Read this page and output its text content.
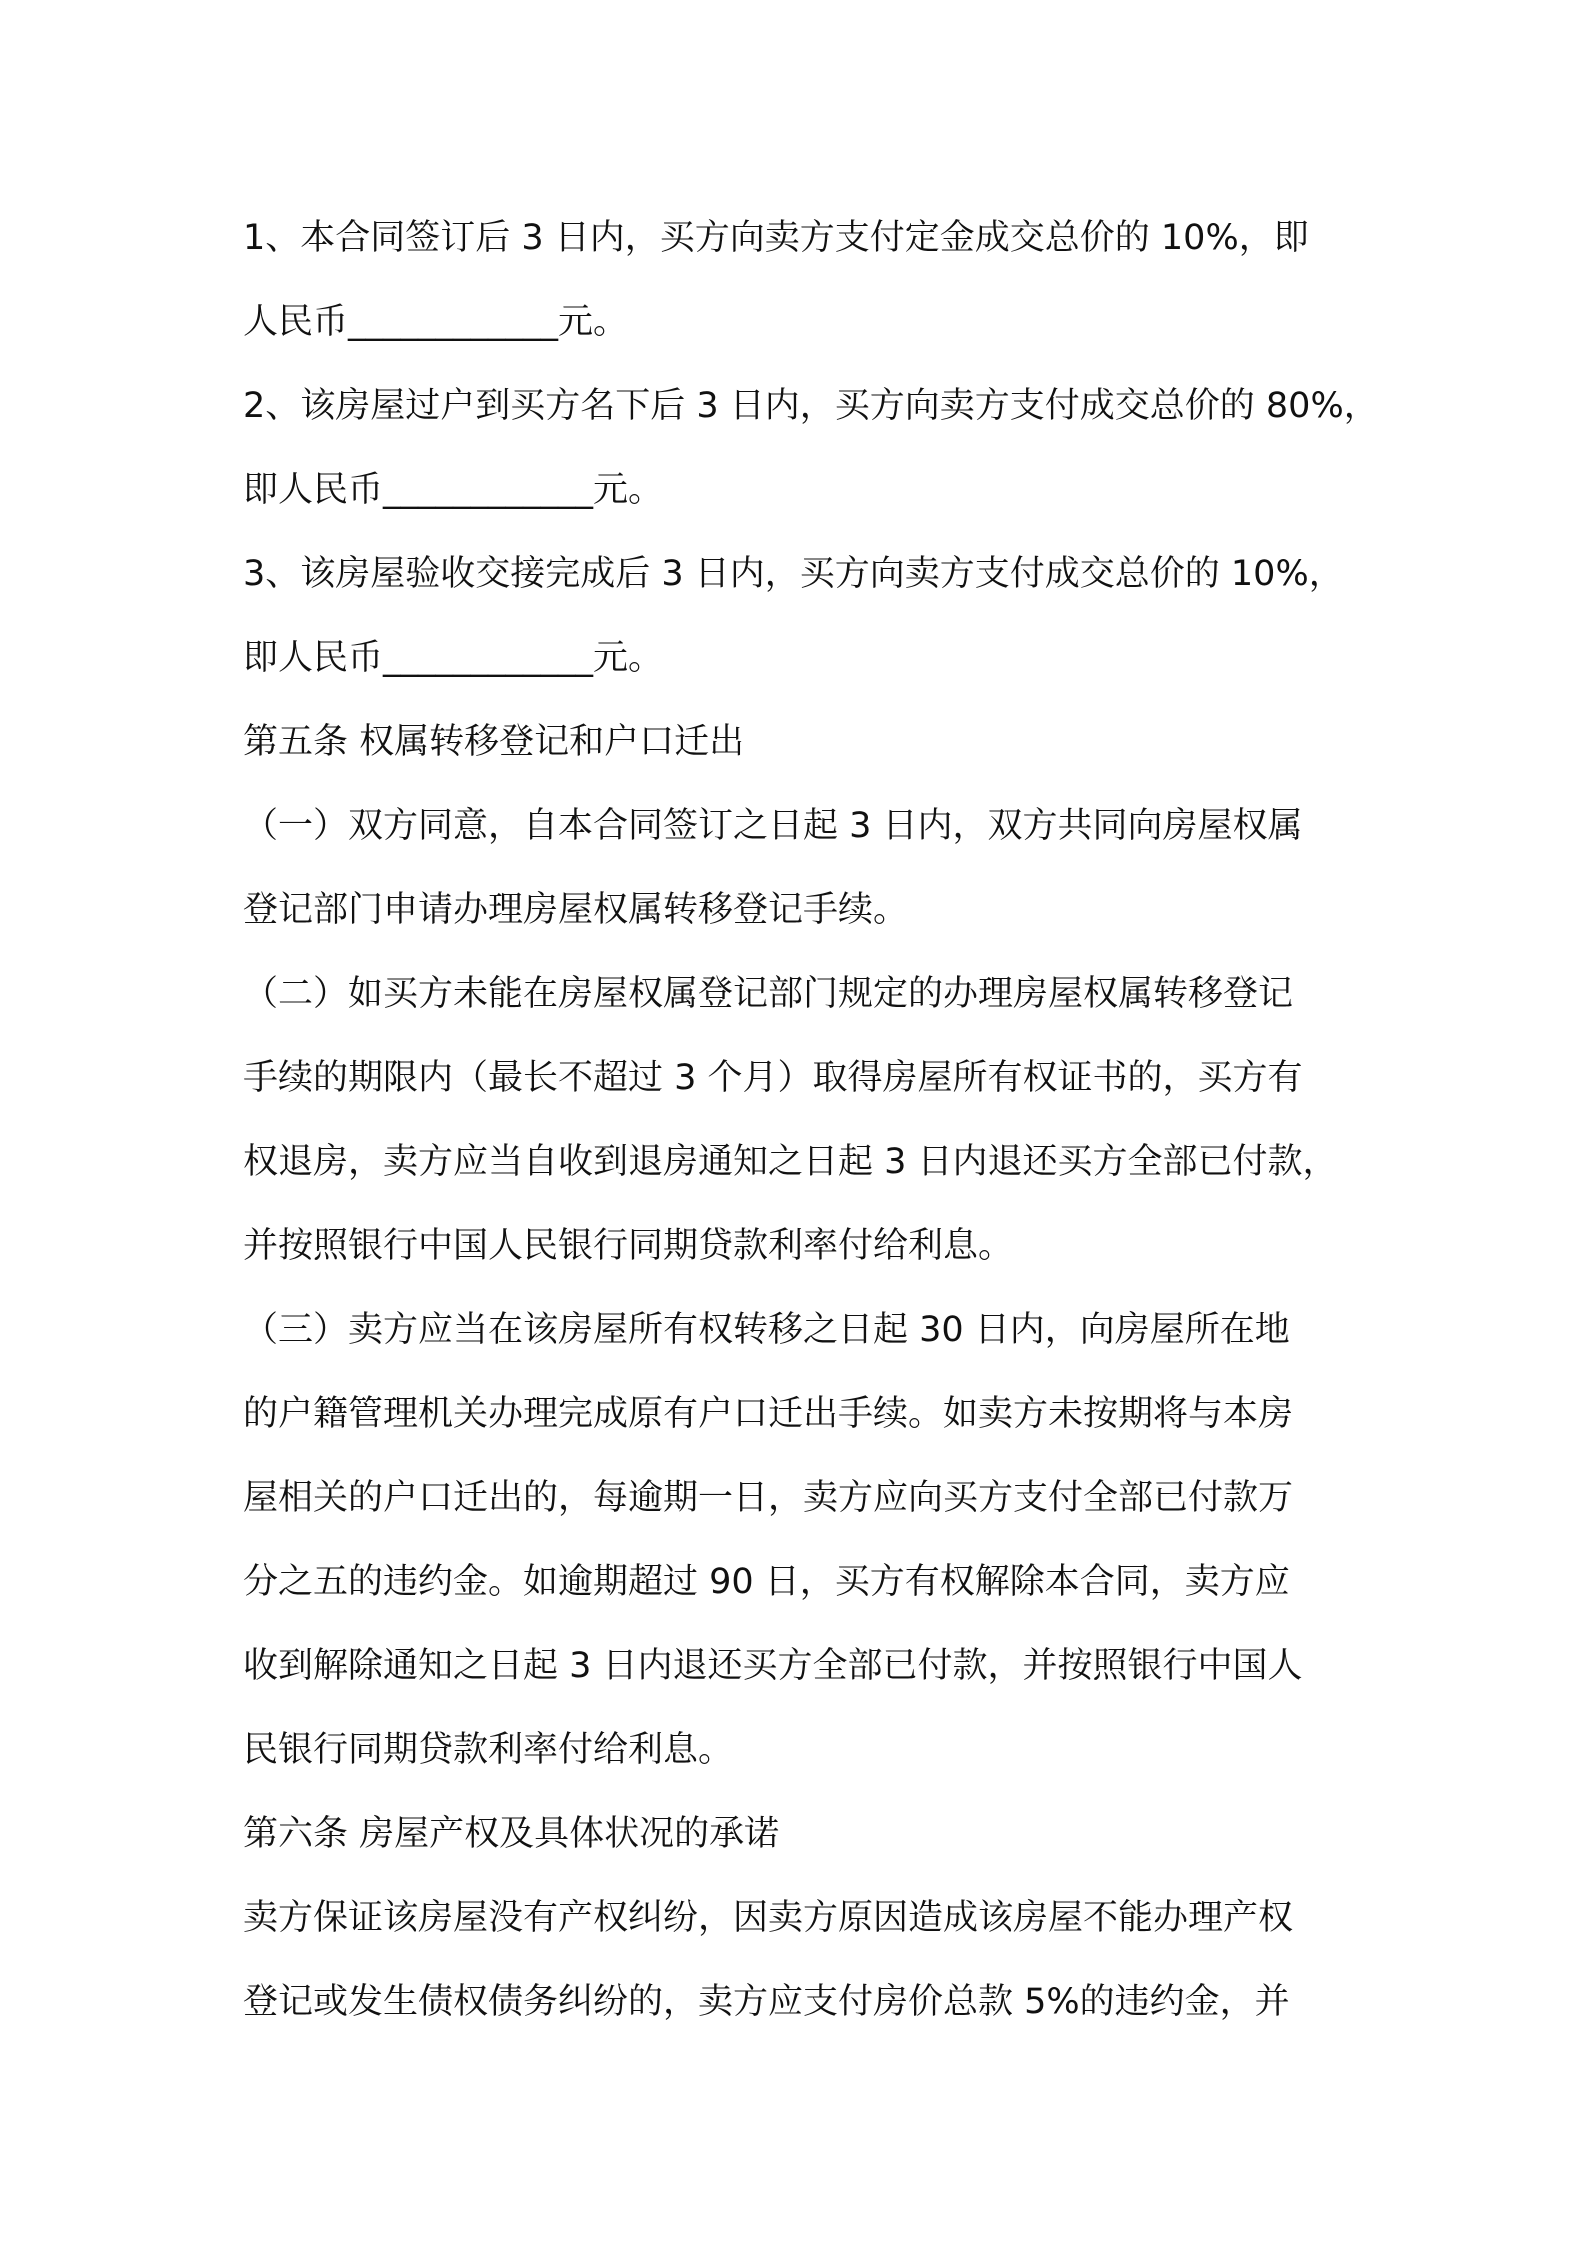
1、本合同签订后 3 日内，买方向卖方支付定金成交总价的 10%，即
人民币____________元。
2、该房屋过户到买方名下后 3 日内，买方向卖方支付成交总价的 80%，
即人民币____________元。
3、该房屋验收交接完成后 3 日内，买方向卖方支付成交总价的 10%，
即人民币____________元。
第五条 权属转移登记和户口迁出
（一）双方同意，自本合同签订之日起 3 日内，双方共同向房屋权属
登记部门申请办理房屋权属转移登记手续。
（二）如买方未能在房屋权属登记部门规定的办理房屋权属转移登记
手续的期限内（最长不超过 3 个月）取得房屋所有权证书的，买方有
权退房，卖方应当自收到退房通知之日起 3 日内退还买方全部已付款，
并按照银行中国人民银行同期贷款利率付给利息。
（三）卖方应当在该房屋所有权转移之日起 30 日内，向房屋所在地
的户籍管理机关办理完成原有户口迁出手续。如卖方未按期将与本房
屋相关的户口迁出的，每逾期一日，卖方应向买方支付全部已付款万
分之五的违约金。如逾期超过 90 日，买方有权解除本合同，卖方应
收到解除通知之日起 3 日内退还买方全部已付款，并按照银行中国人
民银行同期贷款利率付给利息。
第六条 房屋产权及具体状况的承诺
卖方保证该房屋没有产权纠纷，因卖方原因造成该房屋不能办理产权
登记或发生债权债务纠纷的，卖方应支付房价总款 5%的违约金，并
